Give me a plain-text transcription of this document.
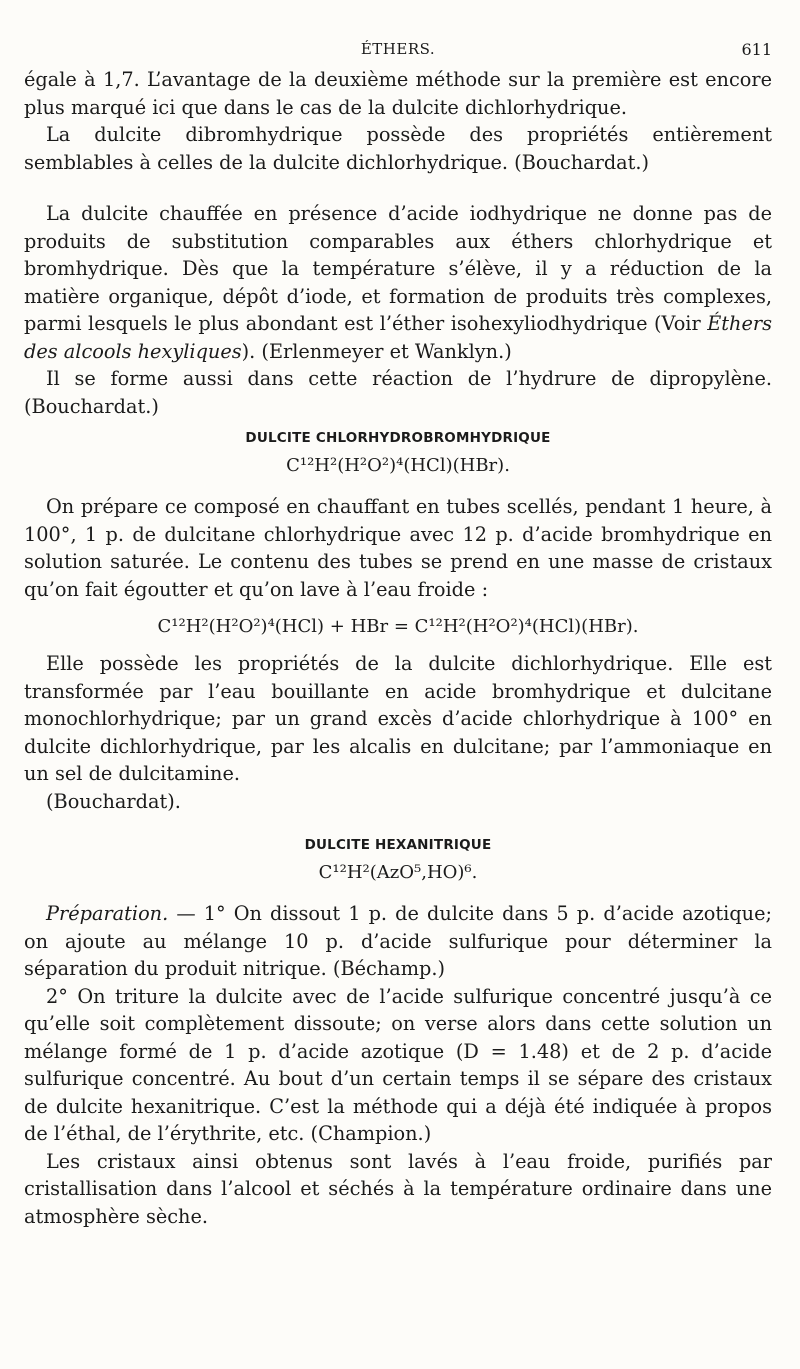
ÉTHERS.	611

égale à 1,7. L’avantage de la deuxième méthode sur la première est encore plus marqué ici que dans le cas de la dulcite dichlorhydrique.

La dulcite dibromhydrique possède des propriétés entièrement semblables à celles de la dulcite dichlorhydrique. (Bouchardat.)

La dulcite chauffée en présence d’acide iodhydrique ne donne pas de produits de substitution comparables aux éthers chlorhydrique et bromhydrique. Dès que la température s’élève, il y a réduction de la matière organique, dépôt d’iode, et formation de produits très complexes, parmi lesquels le plus abondant est l’éther isohexyliodhydrique (Voir Éthers des alcools hexyliques). (Erlenmeyer et Wanklyn.)

Il se forme aussi dans cette réaction de l’hydrure de dipropylène. (Bouchardat.)

DULCITE CHLORHYDROBROMHYDRIQUE
C¹²H²(H²O²)⁴(HCl)(HBr).

On prépare ce composé en chauffant en tubes scellés, pendant 1 heure, à 100°, 1 p. de dulcitane chlorhydrique avec 12 p. d’acide bromhydrique en solution saturée. Le contenu des tubes se prend en une masse de cristaux qu’on fait égoutter et qu’on lave à l’eau froide :

C¹²H²(H²O²)⁴(HCl) + HBr = C¹²H²(H²O²)⁴(HCl)(HBr).

Elle possède les propriétés de la dulcite dichlorhydrique. Elle est transformée par l’eau bouillante en acide bromhydrique et dulcitane monochlorhydrique; par un grand excès d’acide chlorhydrique à 100° en dulcite dichlorhydrique, par les alcalis en dulcitane; par l’ammoniaque en un sel de dulcitamine.

(Bouchardat).

DULCITE HEXANITRIQUE
C¹²H²(AzO⁵,HO)⁶.

Préparation. — 1° On dissout 1 p. de dulcite dans 5 p. d’acide azotique; on ajoute au mélange 10 p. d’acide sulfurique pour déterminer la séparation du produit nitrique. (Béchamp.)

2° On triture la dulcite avec de l’acide sulfurique concentré jusqu’à ce qu’elle soit complètement dissoute; on verse alors dans cette solution un mélange formé de 1 p. d’acide azotique (D = 1.48) et de 2 p. d’acide sulfurique concentré. Au bout d’un certain temps il se sépare des cristaux de dulcite hexanitrique. C’est la méthode qui a déjà été indiquée à propos de l’éthal, de l’érythrite, etc. (Champion.)

Les cristaux ainsi obtenus sont lavés à l’eau froide, purifiés par cristallisation dans l’alcool et séchés à la température ordinaire dans une atmosphère sèche.
